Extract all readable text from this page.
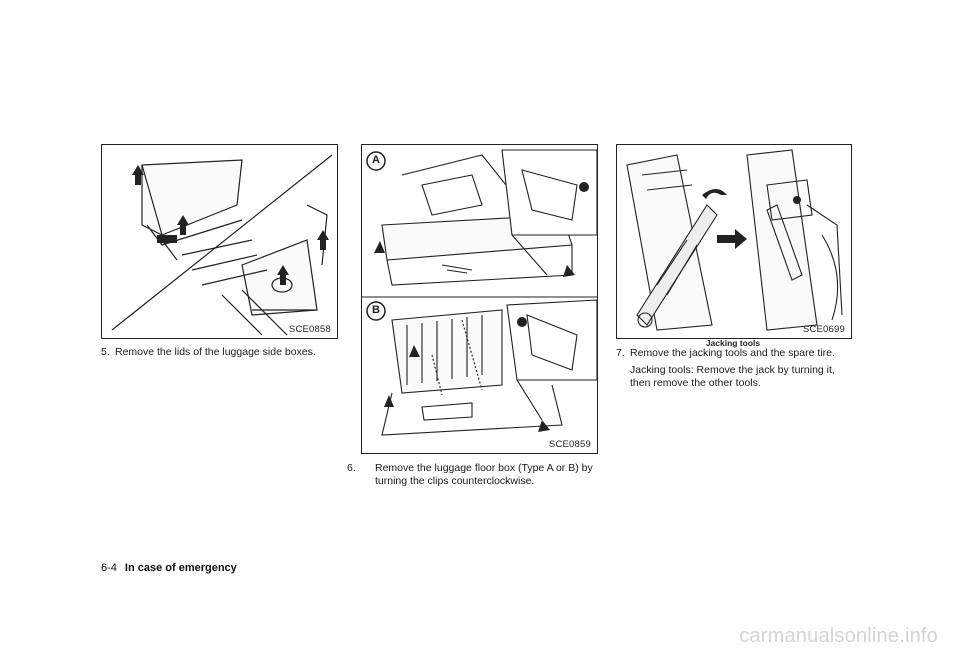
SCE0858
A
B
SCE0859
SCE0699
Jacking tools
5. Remove the lids of the luggage side boxes.
6. Remove the luggage floor box (Type A or B) by turning the clips counterclockwise.
7. Remove the jacking tools and the spare tire.
Jacking tools: Remove the jack by turning it, then remove the other tools.
6-4 In case of emergency
carmanualsonline.info
